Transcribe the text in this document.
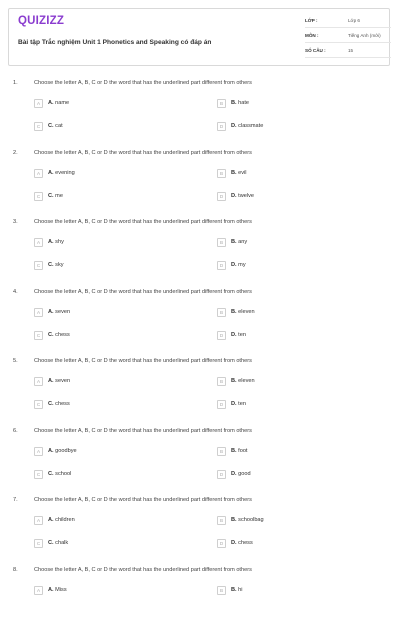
QUIZIZZ
Bài tập Trắc nghiệm Unit 1 Phonetics and Speaking có đáp án
LỚP :	Lớp 6
MÔN :	Tiếng Anh (mới)
SỐ CÂU :	15
1.	Choose the letter A, B, C or D the word that has the underlined part different from others
A	A. name	B	B. hate
C	C. cat	D	D. classmate
2.	Choose the letter A, B, C or D the word that has the underlined part different from others
A	A. evening	B	B. evil
C	C. me	D	D. twelve
3.	Choose the letter A, B, C or D the word that has the underlined part different from others
A	A. shy	B	B. any
C	C. sky	D	D. my
4.	Choose the letter A, B, C or D the word that has the underlined part different from others
A	A. seven	B	B. eleven
C	C. chess	D	D. ten
5.	Choose the letter A, B, C or D the word that has the underlined part different from others
A	A. seven	B	B. eleven
C	C. chess	D	D. ten
6.	Choose the letter A, B, C or D the word that has the underlined part different from others
A	A. goodbye	B	B. foot
C	C. school	D	D. good
7.	Choose the letter A, B, C or D the word that has the underlined part different from others
A	A. children	B	B. schoolbag
C	C. chalk	D	D. chess
8.	Choose the letter A, B, C or D the word that has the underlined part different from others
A	A. Miss	B	B. hi
